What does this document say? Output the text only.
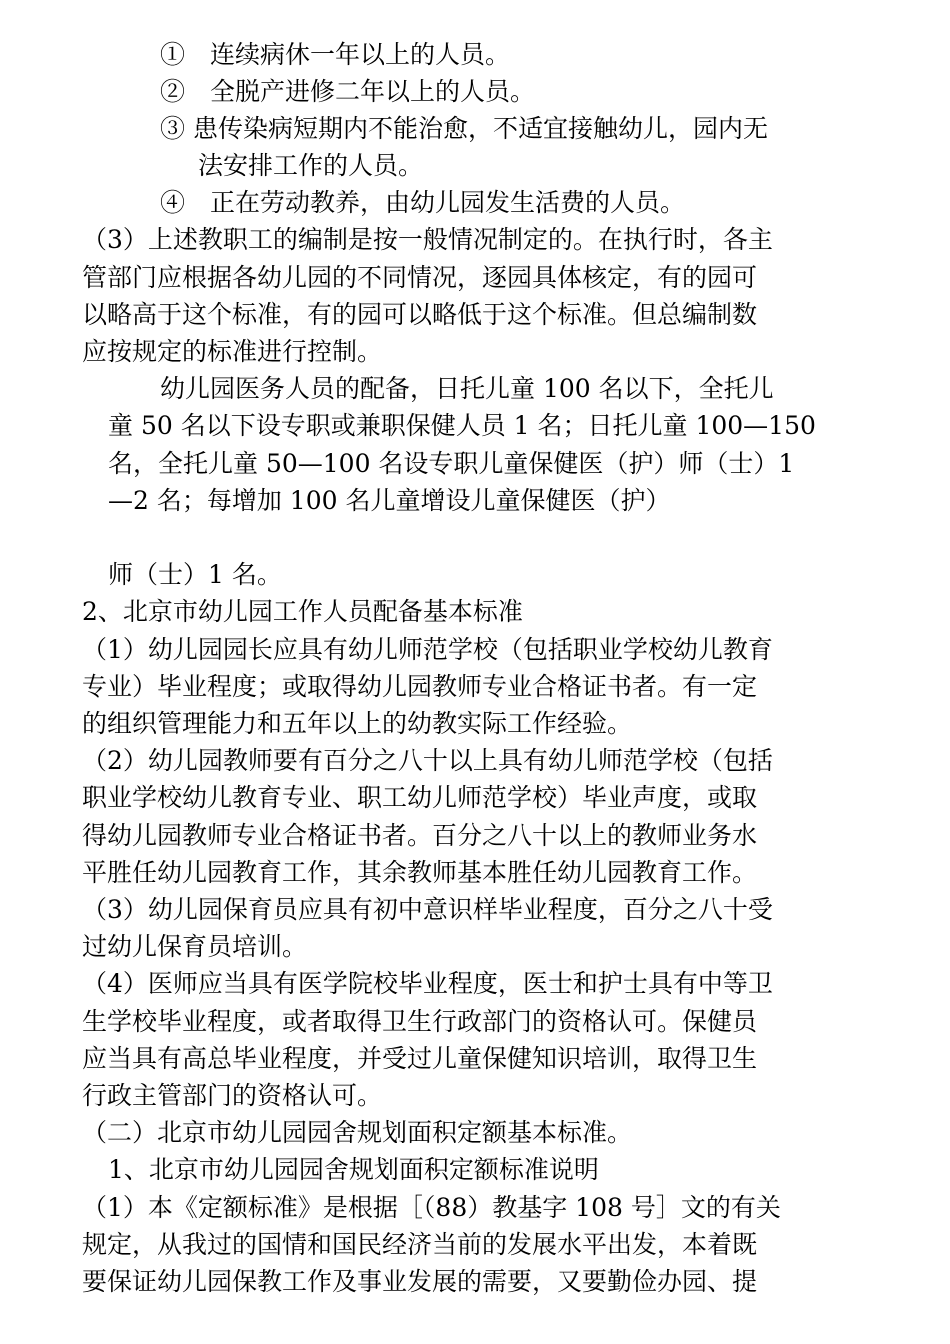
①　连续病休一年以上的人员。
②　全脱产进修二年以上的人员。
③ 患传染病短期内不能治愈，不适宜接触幼儿，园内无
法安排工作的人员。
④　正在劳动教养，由幼儿园发生活费的人员。
（3）上述教职工的编制是按一般情况制定的。在执行时，各主
管部门应根据各幼儿园的不同情况，逐园具体核定，有的园可
以略高于这个标准，有的园可以略低于这个标准。但总编制数
应按规定的标准进行控制。
幼儿园医务人员的配备，日托儿童 100 名以下，全托儿
童 50 名以下设专职或兼职保健人员 1 名；日托儿童 100—150
名，全托儿童 50—100 名设专职儿童保健医（护）师（士）1
—2 名；每增加 100 名儿童增设儿童保健医（护）
师（士）1 名。
2、北京市幼儿园工作人员配备基本标准
（1）幼儿园园长应具有幼儿师范学校（包括职业学校幼儿教育
专业）毕业程度；或取得幼儿园教师专业合格证书者。有一定
的组织管理能力和五年以上的幼教实际工作经验。
（2）幼儿园教师要有百分之八十以上具有幼儿师范学校（包括
职业学校幼儿教育专业、职工幼儿师范学校）毕业声度，或取
得幼儿园教师专业合格证书者。百分之八十以上的教师业务水
平胜任幼儿园教育工作，其余教师基本胜任幼儿园教育工作。
（3）幼儿园保育员应具有初中意识样毕业程度，百分之八十受
过幼儿保育员培训。
（4）医师应当具有医学院校毕业程度，医士和护士具有中等卫
生学校毕业程度，或者取得卫生行政部门的资格认可。保健员
应当具有高总毕业程度，并受过儿童保健知识培训，取得卫生
行政主管部门的资格认可。
（二）北京市幼儿园园舍规划面积定额基本标准。
1、北京市幼儿园园舍规划面积定额标准说明
（1）本《定额标准》是根据［（88）教基字 108 号］文的有关
规定，从我过的国情和国民经济当前的发展水平出发，本着既
要保证幼儿园保教工作及事业发展的需要，又要勤俭办园、提
